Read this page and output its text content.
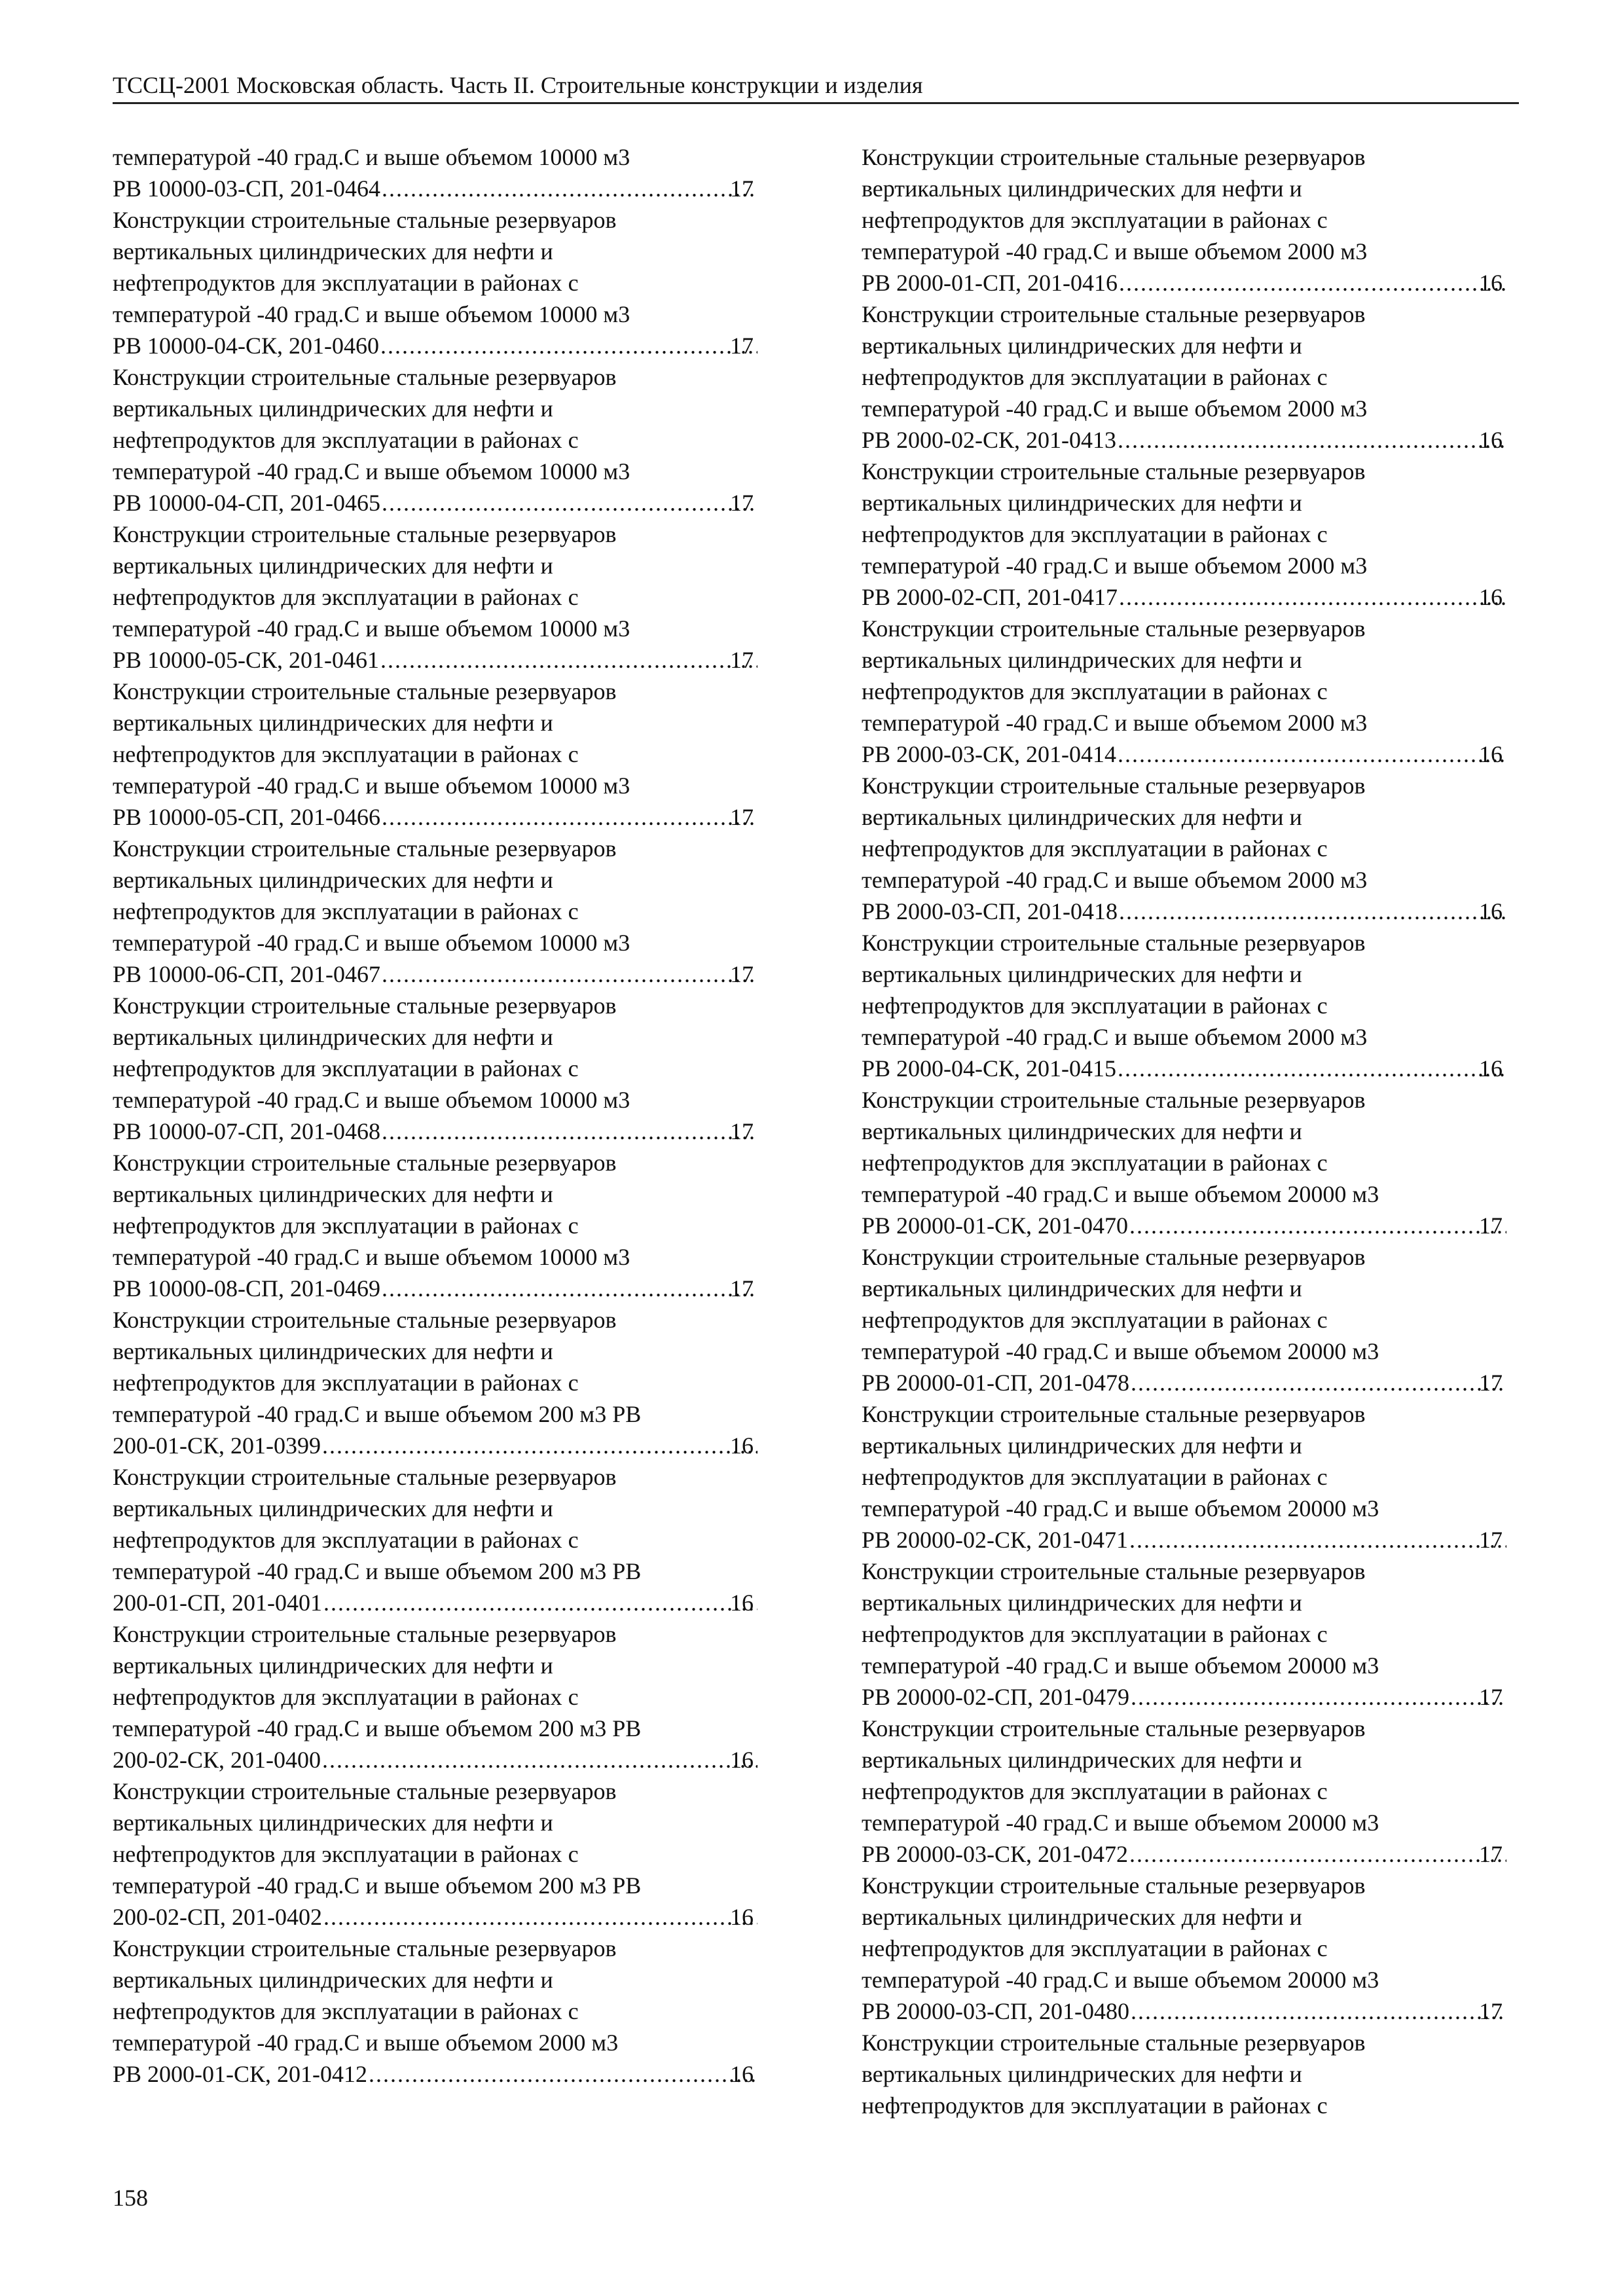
ТССЦ-2001 Московская область. Часть II. Строительные конструкции и изделия
температурой -40 град.С и выше объемом 10000 м3
РВ 10000-03-СП, 201-0464 .....	17
Конструкции строительные стальные резервуаров
вертикальных цилиндрических для нефти и
нефтепродуктов для эксплуатации в районах с
температурой -40 град.С и выше объемом 10000 м3
РВ 10000-04-СК, 201-0460 .....	17
Конструкции строительные стальные резервуаров
вертикальных цилиндрических для нефти и
нефтепродуктов для эксплуатации в районах с
температурой -40 град.С и выше объемом 10000 м3
РВ 10000-04-СП, 201-0465 .....	17
Конструкции строительные стальные резервуаров
вертикальных цилиндрических для нефти и
нефтепродуктов для эксплуатации в районах с
температурой -40 град.С и выше объемом 10000 м3
РВ 10000-05-СК, 201-0461 .....	17
Конструкции строительные стальные резервуаров
вертикальных цилиндрических для нефти и
нефтепродуктов для эксплуатации в районах с
температурой -40 град.С и выше объемом 10000 м3
РВ 10000-05-СП, 201-0466 .....	17
Конструкции строительные стальные резервуаров
вертикальных цилиндрических для нефти и
нефтепродуктов для эксплуатации в районах с
температурой -40 град.С и выше объемом 10000 м3
РВ 10000-06-СП, 201-0467 .....	17
Конструкции строительные стальные резервуаров
вертикальных цилиндрических для нефти и
нефтепродуктов для эксплуатации в районах с
температурой -40 град.С и выше объемом 10000 м3
РВ 10000-07-СП, 201-0468 .....	17
Конструкции строительные стальные резервуаров
вертикальных цилиндрических для нефти и
нефтепродуктов для эксплуатации в районах с
температурой -40 град.С и выше объемом 10000 м3
РВ 10000-08-СП, 201-0469 .....	17
Конструкции строительные стальные резервуаров
вертикальных цилиндрических для нефти и
нефтепродуктов для эксплуатации в районах с
температурой -40 град.С и выше объемом 200 м3 РВ
200-01-СК, 201-0399 .....	16
Конструкции строительные стальные резервуаров
вертикальных цилиндрических для нефти и
нефтепродуктов для эксплуатации в районах с
температурой -40 град.С и выше объемом 200 м3 РВ
200-01-СП, 201-0401 .....	16
Конструкции строительные стальные резервуаров
вертикальных цилиндрических для нефти и
нефтепродуктов для эксплуатации в районах с
температурой -40 град.С и выше объемом 200 м3 РВ
200-02-СК, 201-0400 .....	16
Конструкции строительные стальные резервуаров
вертикальных цилиндрических для нефти и
нефтепродуктов для эксплуатации в районах с
температурой -40 град.С и выше объемом 200 м3 РВ
200-02-СП, 201-0402 .....	16
Конструкции строительные стальные резервуаров
вертикальных цилиндрических для нефти и
нефтепродуктов для эксплуатации в районах с
температурой -40 град.С и выше объемом 2000 м3
РВ 2000-01-СК, 201-0412 .....	16
Конструкции строительные стальные резервуаров
вертикальных цилиндрических для нефти и
нефтепродуктов для эксплуатации в районах с
температурой -40 град.С и выше объемом 2000 м3
РВ 2000-01-СП, 201-0416 .....	16
Конструкции строительные стальные резервуаров
вертикальных цилиндрических для нефти и
нефтепродуктов для эксплуатации в районах с
температурой -40 град.С и выше объемом 2000 м3
РВ 2000-02-СК, 201-0413 .....	16
Конструкции строительные стальные резервуаров
вертикальных цилиндрических для нефти и
нефтепродуктов для эксплуатации в районах с
температурой -40 град.С и выше объемом 2000 м3
РВ 2000-02-СП, 201-0417 .....	16
Конструкции строительные стальные резервуаров
вертикальных цилиндрических для нефти и
нефтепродуктов для эксплуатации в районах с
температурой -40 град.С и выше объемом 2000 м3
РВ 2000-03-СК, 201-0414 .....	16
Конструкции строительные стальные резервуаров
вертикальных цилиндрических для нефти и
нефтепродуктов для эксплуатации в районах с
температурой -40 град.С и выше объемом 2000 м3
РВ 2000-03-СП, 201-0418 .....	16
Конструкции строительные стальные резервуаров
вертикальных цилиндрических для нефти и
нефтепродуктов для эксплуатации в районах с
температурой -40 град.С и выше объемом 2000 м3
РВ 2000-04-СК, 201-0415 .....	16
Конструкции строительные стальные резервуаров
вертикальных цилиндрических для нефти и
нефтепродуктов для эксплуатации в районах с
температурой -40 град.С и выше объемом 20000 м3
РВ 20000-01-СК, 201-0470 .....	17
Конструкции строительные стальные резервуаров
вертикальных цилиндрических для нефти и
нефтепродуктов для эксплуатации в районах с
температурой -40 град.С и выше объемом 20000 м3
РВ 20000-01-СП, 201-0478 .....	17
Конструкции строительные стальные резервуаров
вертикальных цилиндрических для нефти и
нефтепродуктов для эксплуатации в районах с
температурой -40 град.С и выше объемом 20000 м3
РВ 20000-02-СК, 201-0471 .....	17
Конструкции строительные стальные резервуаров
вертикальных цилиндрических для нефти и
нефтепродуктов для эксплуатации в районах с
температурой -40 град.С и выше объемом 20000 м3
РВ 20000-02-СП, 201-0479 .....	17
Конструкции строительные стальные резервуаров
вертикальных цилиндрических для нефти и
нефтепродуктов для эксплуатации в районах с
температурой -40 град.С и выше объемом 20000 м3
РВ 20000-03-СК, 201-0472 .....	17
Конструкции строительные стальные резервуаров
вертикальных цилиндрических для нефти и
нефтепродуктов для эксплуатации в районах с
температурой -40 град.С и выше объемом 20000 м3
РВ 20000-03-СП, 201-0480 .....	17
Конструкции строительные стальные резервуаров
вертикальных цилиндрических для нефти и
нефтепродуктов для эксплуатации в районах с
158
